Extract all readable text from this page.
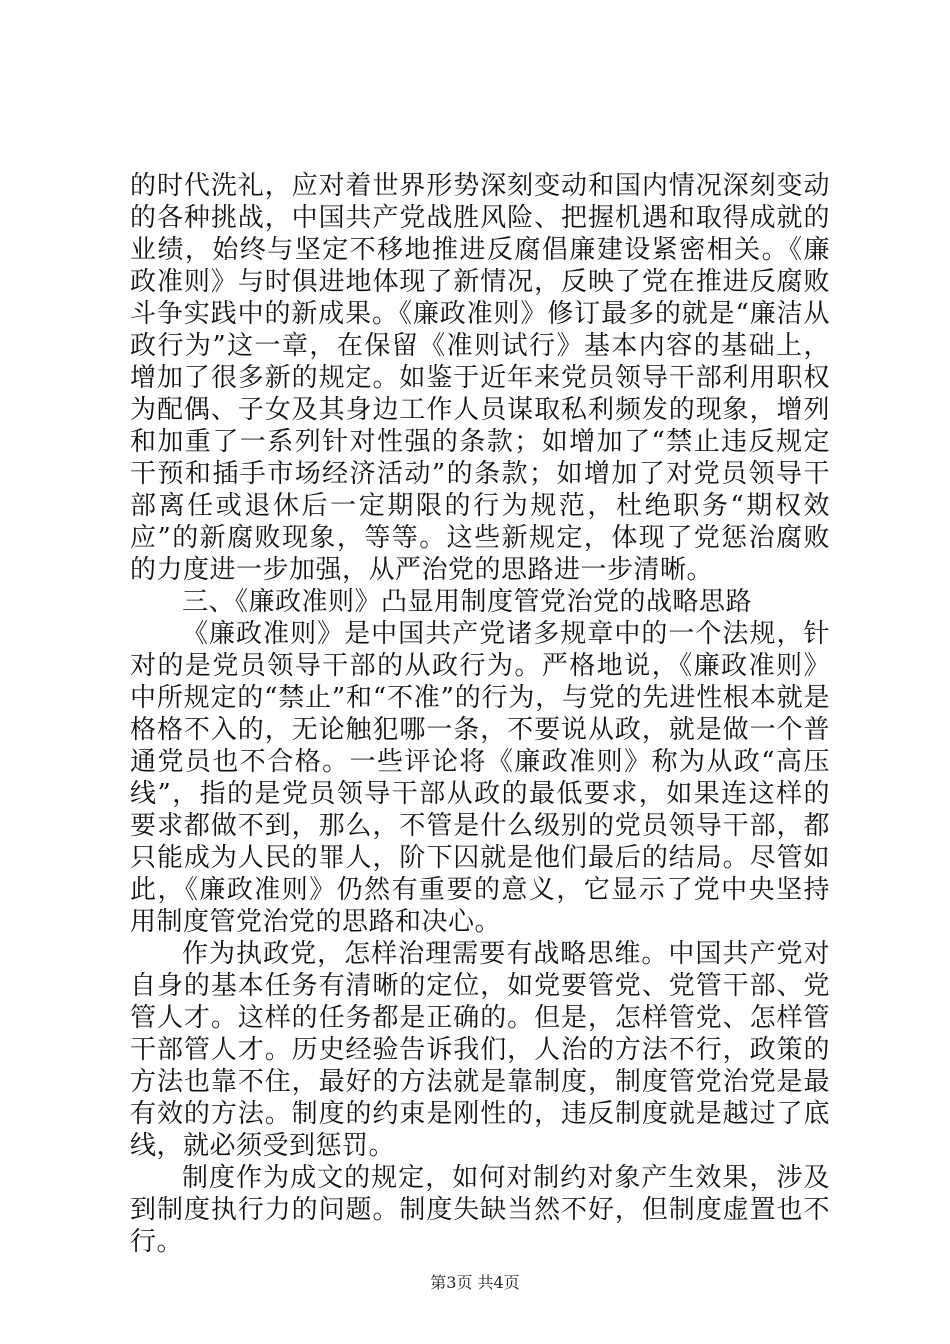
的时代洗礼，应对着世界形势深刻变动和国内情况深刻变动的各种挑战，中国共产党战胜风险、把握机遇和取得成就的业绩，始终与坚定不移地推进反腐倡廉建设紧密相关。《廉政准则》与时俱进地体现了新情况，反映了党在推进反腐败斗争实践中的新成果。《廉政准则》修订最多的就是“廉洁从政行为”这一章，在保留《准则试行》基本内容的基础上，增加了很多新的规定。如鉴于近年来党员领导干部利用职权为配偶、子女及其身边工作人员谋取私利频发的现象，增列和加重了一系列针对性强的条款；如增加了“禁止违反规定干预和插手市场经济活动”的条款；如增加了对党员领导干部离任或退休后一定期限的行为规范，杜绝职务“期权效应”的新腐败现象，等等。这些新规定，体现了党惩治腐败的力度进一步加强，从严治党的思路进一步清晰。

三、《廉政准则》凸显用制度管党治党的战略思路

《廉政准则》是中国共产党诸多规章中的一个法规，针对的是党员领导干部的从政行为。严格地说，《廉政准则》中所规定的“禁止”和“不准”的行为，与党的先进性根本就是格格不入的，无论触犯哪一条，不要说从政，就是做一个普通党员也不合格。一些评论将《廉政准则》称为从政“高压线”，指的是党员领导干部从政的最低要求，如果连这样的要求都做不到，那么，不管是什么级别的党员领导干部，都只能成为人民的罪人，阶下囚就是他们最后的结局。尽管如此，《廉政准则》仍然有重要的意义，它显示了党中央坚持用制度管党治党的思路和决心。

作为执政党，怎样治理需要有战略思维。中国共产党对自身的基本任务有清晰的定位，如党要管党、党管干部、党管人才。这样的任务都是正确的。但是，怎样管党、怎样管干部管人才。历史经验告诉我们，人治的方法不行，政策的方法也靠不住，最好的方法就是靠制度，制度管党治党是最有效的方法。制度的约束是刚性的，违反制度就是越过了底线，就必须受到惩罚。

制度作为成文的规定，如何对制约对象产生效果，涉及到制度执行力的问题。制度失缺当然不好，但制度虚置也不行。

第3页 共4页
